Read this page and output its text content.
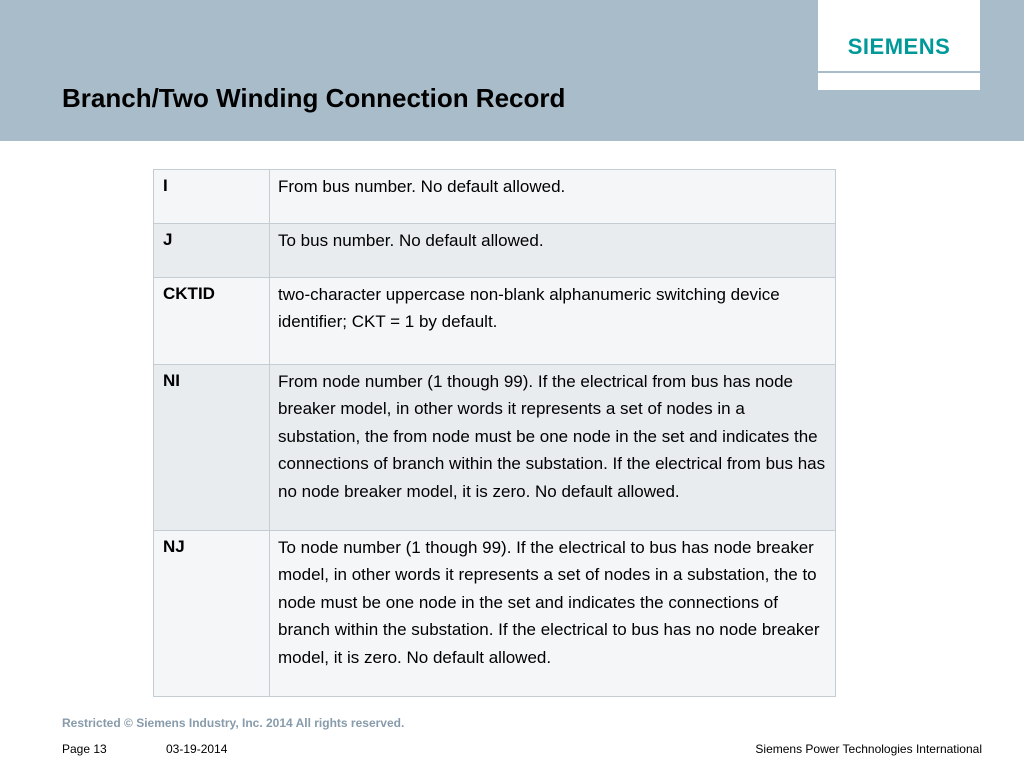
SIEMENS
Branch/Two Winding Connection Record
I	From bus number. No default allowed.
J	To bus number. No default allowed.
CKTID	two-character uppercase non-blank alphanumeric switching device identifier; CKT = 1 by default.
NI	From node number (1 though 99). If the electrical from bus has node breaker model, in other words it represents a set of nodes in a substation, the from node must be one node in the set and indicates the connections of branch within the substation. If the electrical from bus has no node breaker model, it is zero. No default allowed.
NJ	To node number (1 though 99). If the electrical to bus has node breaker model, in other words it represents a set of nodes in a substation, the to node must be one node in the set and indicates the connections of branch within the substation. If the electrical to bus has no node breaker model, it is zero. No default allowed.
Restricted © Siemens Industry, Inc. 2014 All rights reserved.
Page 13	03-19-2014	Siemens Power Technologies International
